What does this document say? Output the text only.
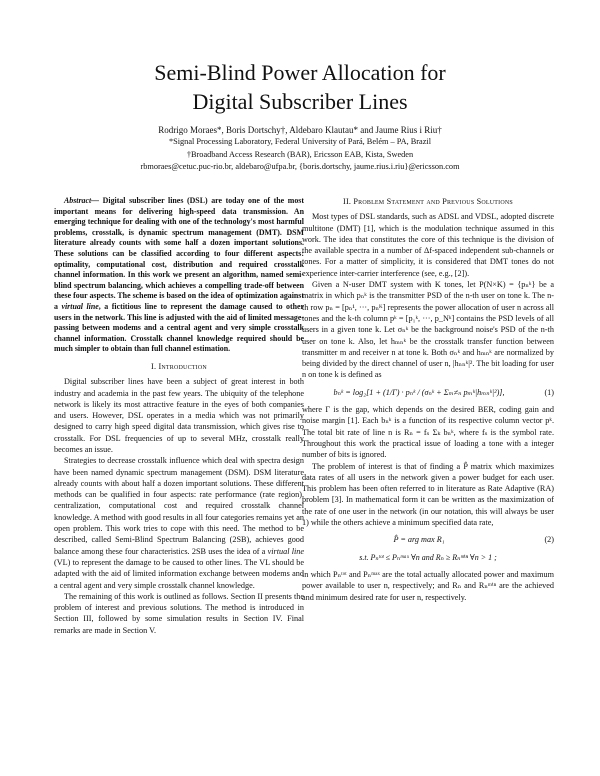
Semi-Blind Power Allocation for
Digital Subscriber Lines
Rodrigo Moraes*, Boris Dortschy†, Aldebaro Klautau* and Jaume Rius i Riu†
*Signal Processing Laboratory, Federal University of Pará, Belém – PA, Brazil
†Broadband Access Research (BAR), Ericsson EAB, Kista, Sweden
rbmoraes@cetuc.puc-rio.br, aldebaro@ufpa.br, {boris.dortschy, jaume.rius.i.riu}@ericsson.com

Abstract— Digital subscriber lines (DSL) are today one of the most important means for delivering high-speed data transmission. An emerging technique for dealing with one of the technology's most harmful problems, crosstalk, is dynamic spectrum management (DMT). DSM literature already counts with some half a dozen important solutions. These solutions can be classified according to four different aspects: optimality, computational cost, distribution and required crosstalk channel information. In this work we present an algorithm, named semi-blind spectrum balancing, which achieves a compelling trade-off between these four aspects. The scheme is based on the idea of optimization against a virtual line, a fictitious line to represent the damage caused to other users in the network. This line is adjusted with the aid of limited message-passing between modems and a central agent and very simple crosstalk channel information. Crosstalk channel knowledge required should be much simpler to obtain than full channel estimation.

I. Introduction

Digital subscriber lines have been a subject of great interest in both industry and academia in the past few years. The ubiquity of the telephone network is likely its most attractive feature in the eyes of both companies and users. However, DSL operates in a media which was not primarily designed to carry high speed digital data transmission, which gives rise to crosstalk. For DSL frequencies of up to several MHz, crosstalk really becomes an issue.

Strategies to decrease crosstalk influence which deal with spectra design have been named dynamic spectrum management (DSM). DSM literature already counts with about half a dozen important solutions. These different methods can be qualified in four aspects: rate performance (rate region), centralization, computational cost and required crosstalk channel knowledge. A method with good results in all four categories remains yet an open problem. This work tries to cope with this need. The method to be described, called Semi-Blind Spectrum Balancing (2SB), achieves good balance among these four characteristics. 2SB uses the idea of a virtual line (VL) to represent the damage to be caused to other lines. The VL should be adapted with the aid of limited information exchange between modems and a central agent and very simple crosstalk channel knowledge.

The remaining of this work is outlined as follows. Section II presents the problem of interest and previous solutions. The method is introduced in Section III, followed by some simulation results in Section IV. Final remarks are made in Section V.

II. Problem Statement and Previous Solutions

Most types of DSL standards, such as ADSL and VDSL, adopted discrete multitone (DMT) [1], which is the modulation technique assumed in this work. The idea that constitutes the core of this technique is the division of the available spectra in a number of Δf-spaced independent sub-channels or tones. For a matter of simplicity, it is considered that DMT tones do not experience inter-carrier interference (see, e.g., [2]).

Given a N-user DMT system with K tones, let P(N×K) = {pₙᵏ} be a matrix in which pₙᵏ is the transmitter PSD of the n-th user on tone k. The n-th row pₙ = [pₙ¹, ···, pₙᴷ] represents the power allocation of user n across all tones and the k-th column pᵏ = [p₁ᵏ, ···, p_Nᵏ] contains the PSD levels of all users in a given tone k. Let σₙᵏ be the background noise's PSD of the n-th user on tone k. Also, let hₘₙᵏ be the crosstalk transfer function between transmitter m and receiver n at tone k. Both σₙᵏ and hₘₙᵏ are normalized by being divided by the direct channel of user n, |hₙₙᵏ|². The bit loading for user n on tone k is defined as

bₙᵏ = log₂[1 + (1/Γ) · pₙᵏ / (σₙᵏ + Σₘ≠ₙ pₘᵏ|hₘₙᵏ|²)],	(1)

where Γ is the gap, which depends on the desired BER, coding gain and noise margin [1]. Each bₙᵏ is a function of its respective column vector pᵏ. The total bit rate of line n is Rₙ = fₛ Σₖ bₙᵏ, where fₛ is the symbol rate. Throughout this work the practical issue of loading a tone with a integer number of bits is ignored.

The problem of interest is that of finding a P̂ matrix which maximizes data rates of all users in the network given a power budget for each user. This problem has been often referred to in literature as Rate Adaptive (RA) problem [3]. In mathematical form it can be written as the maximization of the rate of one user in the network (in our notation, this will always be user 1) while the others achieve a minimum specified data rate,

P̂ = arg max R₁	(2)
s.t. Pₙᵗᵒᵗ ≤ Pₙᵐᵃˣ ∀n and Rₙ ≥ Rₙᵐⁱⁿ ∀n > 1 ;

in which Pₙᵗᵒᵗ and Pₙᵐᵃˣ are the total actually allocated power and maximum power available to user n, respectively; and Rₙ and Rₙᵐⁱⁿ are the achieved and minimum desired rate for user n, respectively.
